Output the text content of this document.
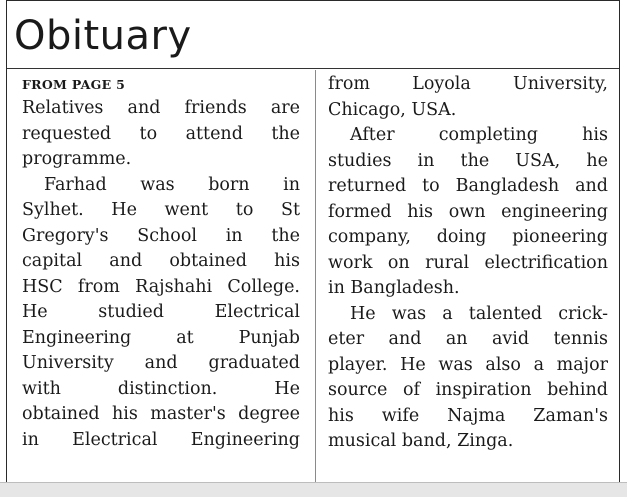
Obituary
FROM PAGE 5
Relatives and friends are
requested to attend the
programme.
Farhad was born in
Sylhet. He went to St
Gregory's School in the
capital and obtained his
HSC from Rajshahi College.
He studied Electrical
Engineering at Punjab
University and graduated
with distinction. He
obtained his master's degree
in Electrical Engineering
from Loyola University,
Chicago, USA.
After completing his
studies in the USA, he
returned to Bangladesh and
formed his own engineering
company, doing pioneering
work on rural electrification
in Bangladesh.
He was a talented crick-
eter and an avid tennis
player. He was also a major
source of inspiration behind
his wife Najma Zaman's
musical band, Zinga.
